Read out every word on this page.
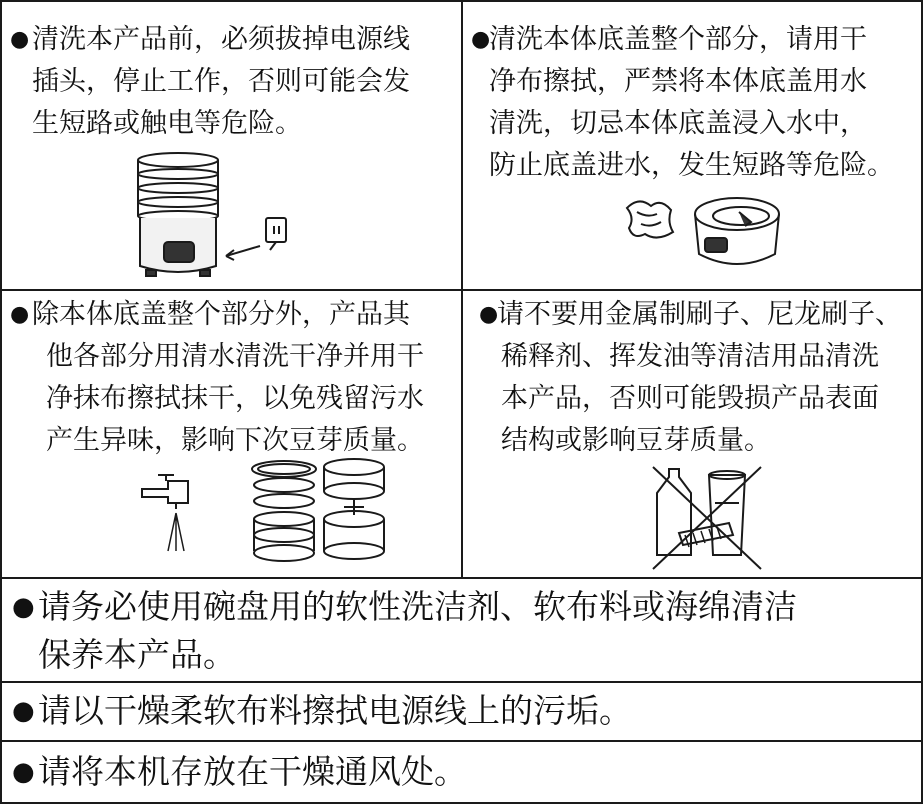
● 清洗本产品前，必须拔掉电源线
插头，停止工作，否则可能会发
生短路或触电等危险。
●
清洗本体底盖整个部分，请用干
净布擦拭，严禁将本体底盖用水
清洗，切忌本体底盖浸入水中，
防止底盖进水，发生短路等危险。
● 除本体底盖整个部分外，产品其
他各部分用清水清洗干净并用干
净抹布擦拭抹干，以免残留污水
产生异味，影响下次豆芽质量。
●
请不要用金属制刷子、尼龙刷子、
稀释剂、挥发油等清洁用品清洗
本产品，否则可能毁损产品表面
结构或影响豆芽质量。
● 请务必使用碗盘用的软性洗洁剂、软布料或海绵清洁
保养本产品。
● 请以干燥柔软布料擦拭电源线上的污垢。
● 请将本机存放在干燥通风处。
